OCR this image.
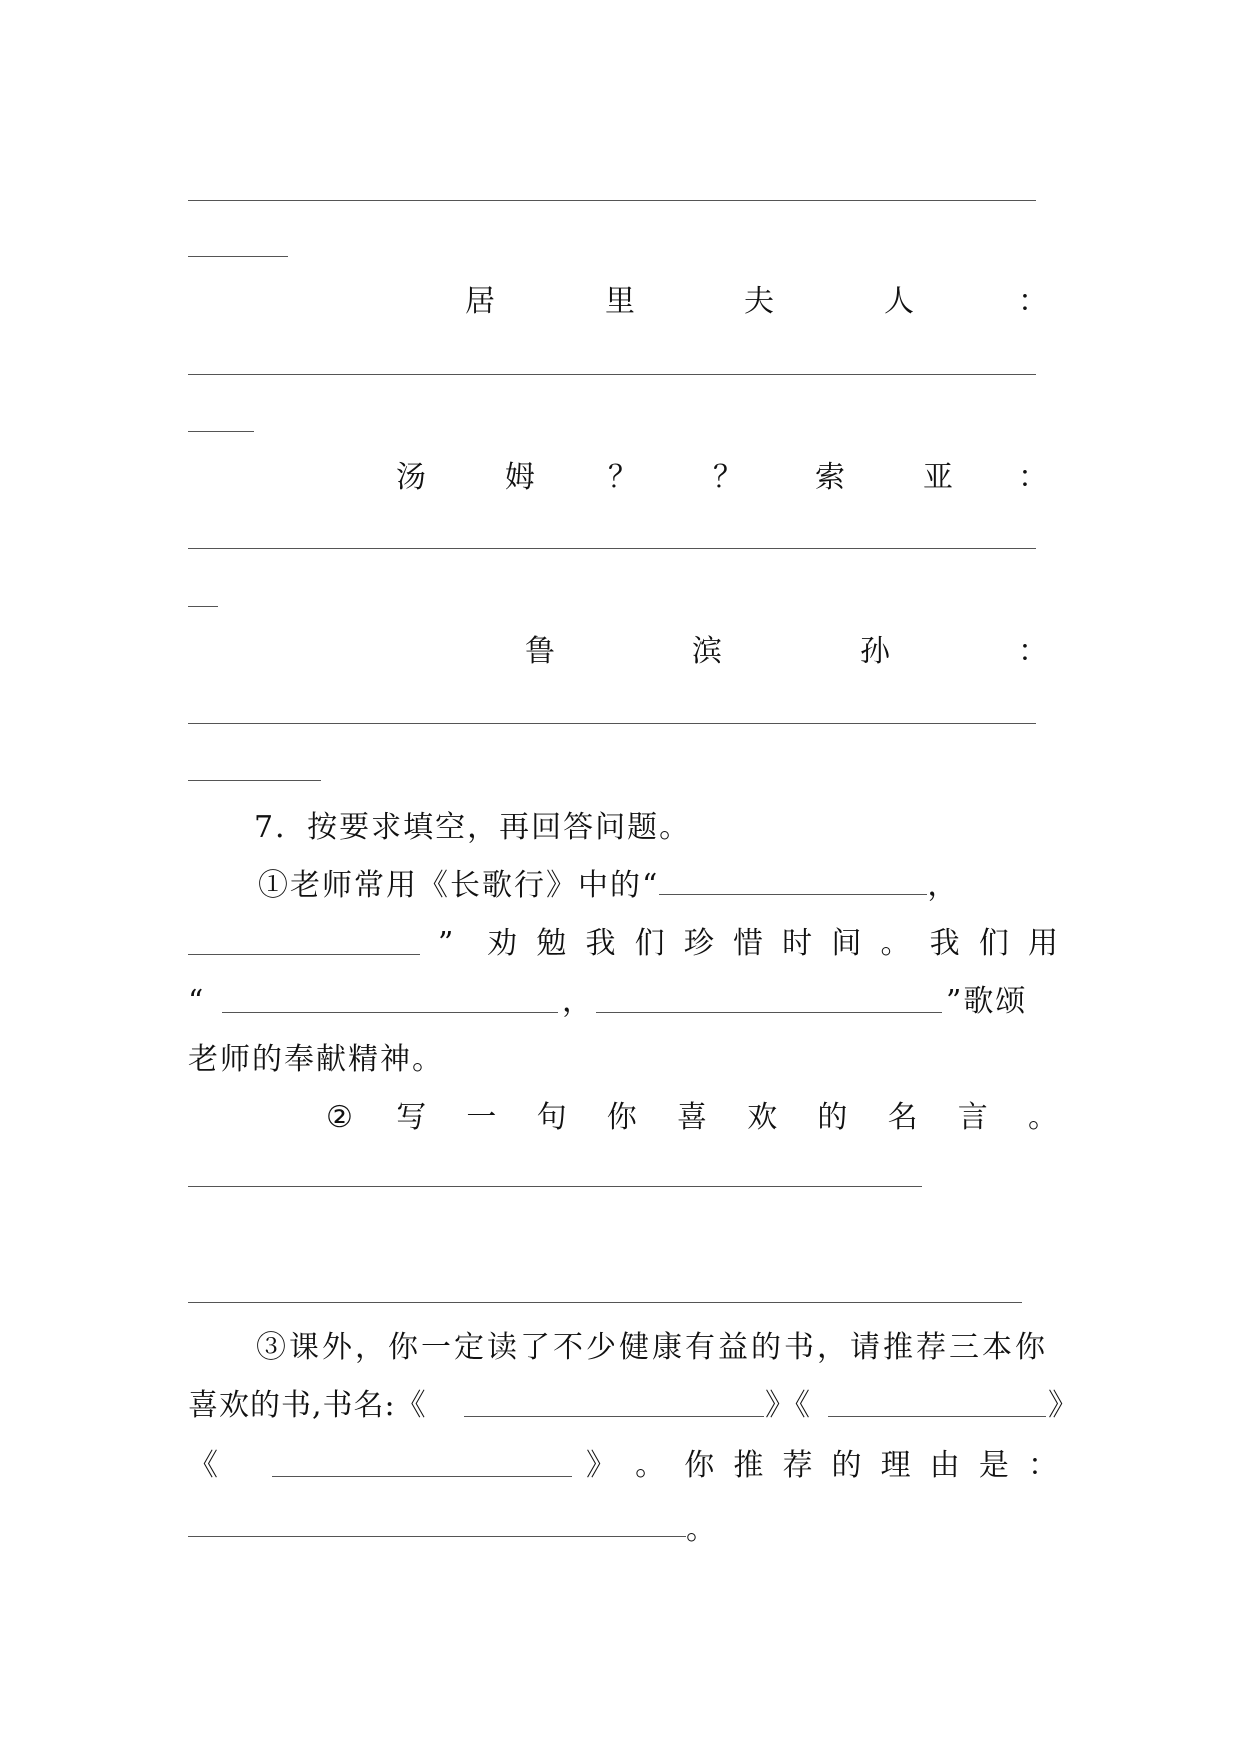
居	里	夫	人	：
汤	姆 ？	？ 索	亚 ：
鲁	滨	孙	：
7．按要求填空，再回答问题。
①老师常用《长歌行》中的“	，
” 劝 勉 我 们 珍 惜 时 间 。 我 们 用
“	，	”歌颂
老师的奉献精神。
② 写 一 句 你 喜 欢 的 名 言 。
③课外，你一定读了不少健康有益的书，请推荐三本你
喜欢的书,书名:《	》《	》
《	》 。 你 推 荐 的 理 由 是 ：
。
